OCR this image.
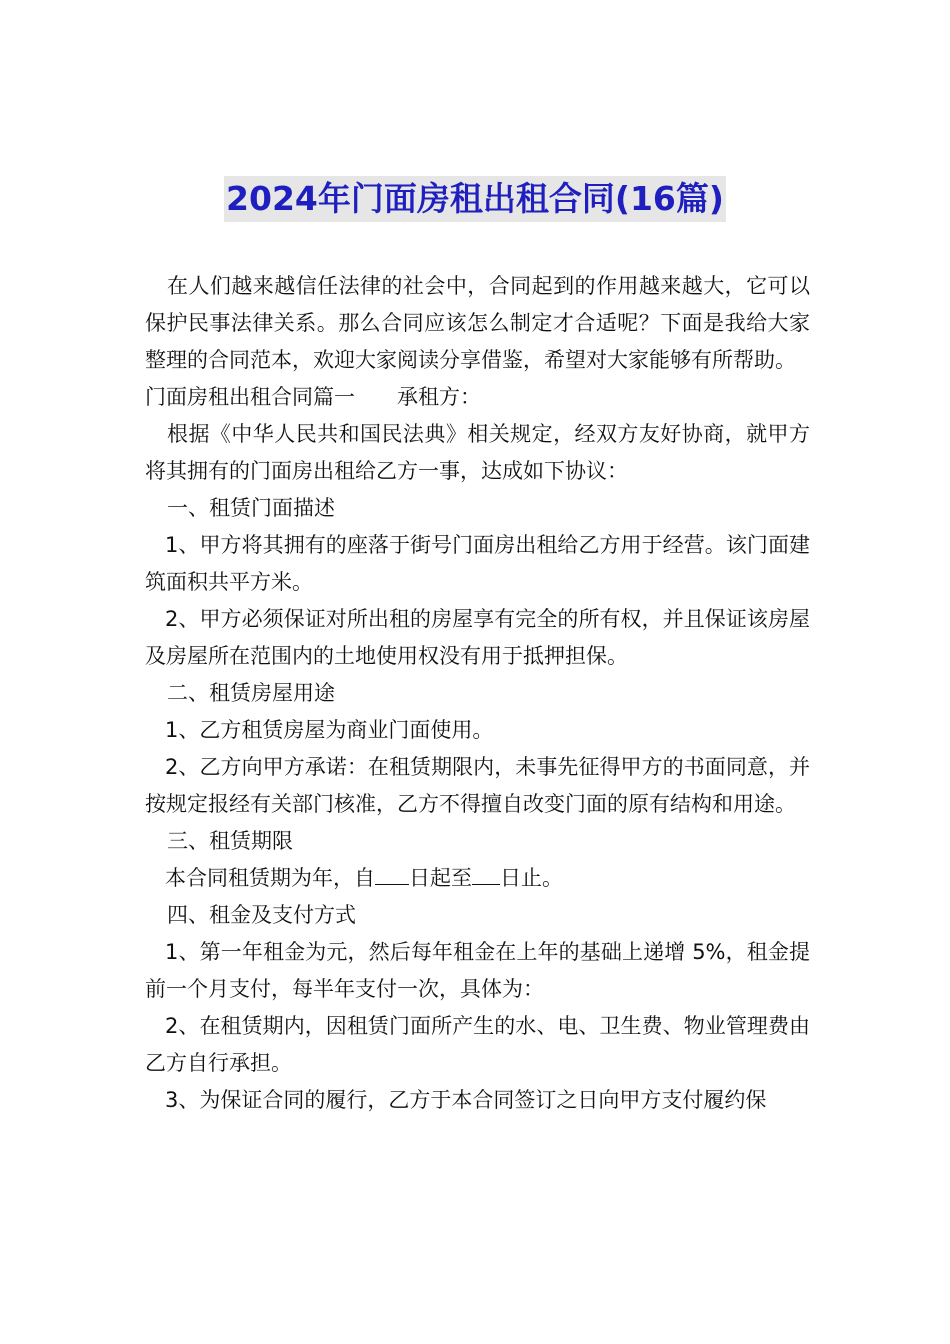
2024年门面房租出租合同(16篇)

在人们越来越信任法律的社会中，合同起到的作用越来越大，它可以保护民事法律关系。那么合同应该怎么制定才合适呢？下面是我给大家整理的合同范本，欢迎大家阅读分享借鉴，希望对大家能够有所帮助。

门面房租出租合同篇一　　承租方：

根据《中华人民共和国民法典》相关规定，经双方友好协商，就甲方将其拥有的门面房出租给乙方一事，达成如下协议：

一、租赁门面描述

1、甲方将其拥有的座落于街号门面房出租给乙方用于经营。该门面建筑面积共平方米。

2、甲方必须保证对所出租的房屋享有完全的所有权，并且保证该房屋及房屋所在范围内的土地使用权没有用于抵押担保。

二、租赁房屋用途

1、乙方租赁房屋为商业门面使用。

2、乙方向甲方承诺：在租赁期限内，未事先征得甲方的书面同意，并按规定报经有关部门核准，乙方不得擅自改变门面的原有结构和用途。

三、租赁期限

本合同租赁期为年，自 日起至 日止。

四、租金及支付方式

1、第一年租金为元，然后每年租金在上年的基础上递增 5%，租金提前一个月支付，每半年支付一次，具体为：

2、在租赁期内，因租赁门面所产生的水、电、卫生费、物业管理费由乙方自行承担。

3、为保证合同的履行，乙方于本合同签订之日向甲方支付履约保
